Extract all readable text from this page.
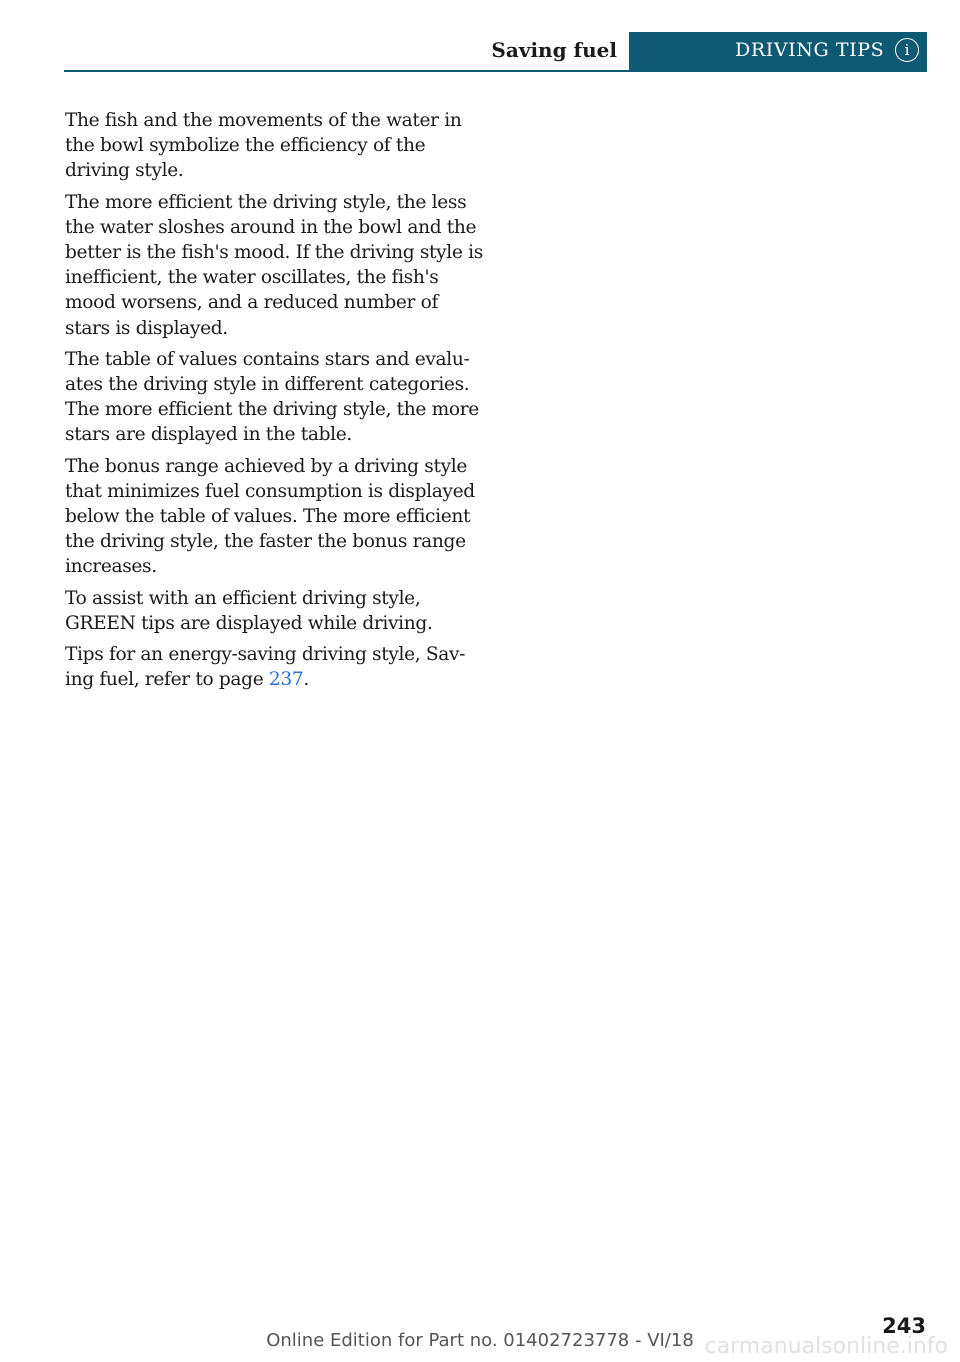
Saving fuel	DRIVING TIPS	i

The fish and the movements of the water in the bowl symbolize the efficiency of the driving style.

The more efficient the driving style, the less the water sloshes around in the bowl and the better is the fish's mood. If the driving style is inefficient, the water oscillates, the fish's mood worsens, and a reduced number of stars is displayed.

The table of values contains stars and evaluates the driving style in different categories. The more efficient the driving style, the more stars are displayed in the table.

The bonus range achieved by a driving style that minimizes fuel consumption is displayed below the table of values. The more efficient the driving style, the faster the bonus range increases.

To assist with an efficient driving style, GREEN tips are displayed while driving.

Tips for an energy-saving driving style, Saving fuel, refer to page 237.

243
Online Edition for Part no. 01402723778 - VI/18 carmanualsonline.info
